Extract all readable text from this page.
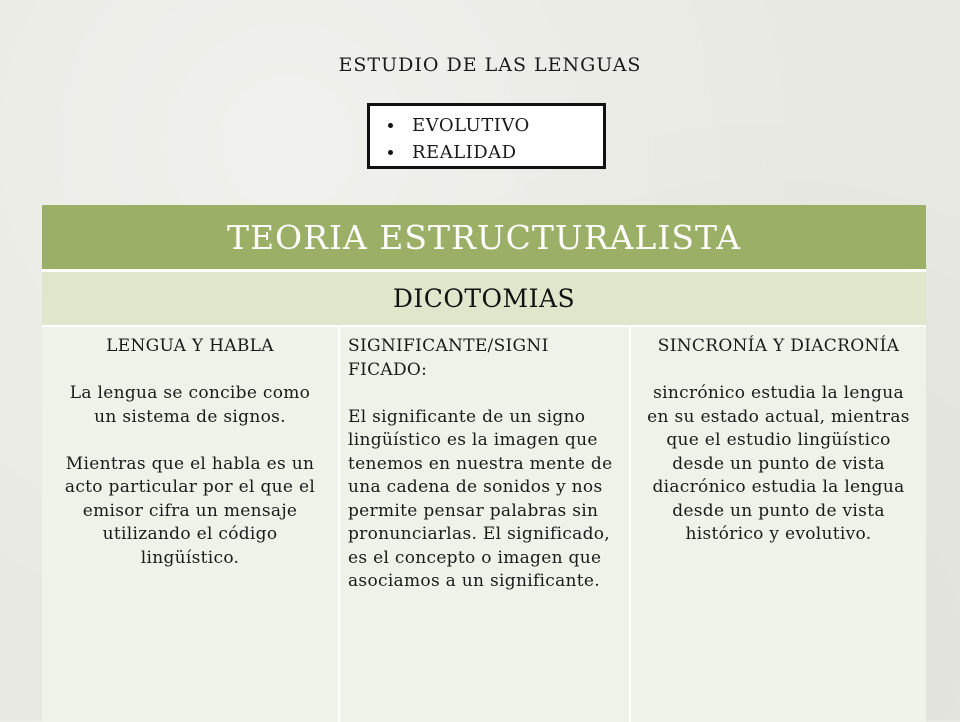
ESTUDIO DE LAS LENGUAS
EVOLUTIVO
REALIDAD
TEORIA ESTRUCTURALISTA
DICOTOMIAS

LENGUA Y HABLA

La lengua se concibe como un sistema de signos.

Mientras que el habla es un acto particular por el que el emisor cifra un mensaje utilizando el código lingüístico.

SIGNIFICANTE/SIGNI FICADO:

El significante de un signo lingüístico es la imagen que tenemos en nuestra mente de una cadena de sonidos y nos permite pensar palabras sin pronunciarlas. El significado, es el concepto o imagen que asociamos a un significante.

SINCRONÍA Y DIACRONÍA

sincrónico estudia la lengua en su estado actual, mientras que el estudio lingüístico desde un punto de vista diacrónico estudia la lengua desde un punto de vista histórico y evolutivo.
